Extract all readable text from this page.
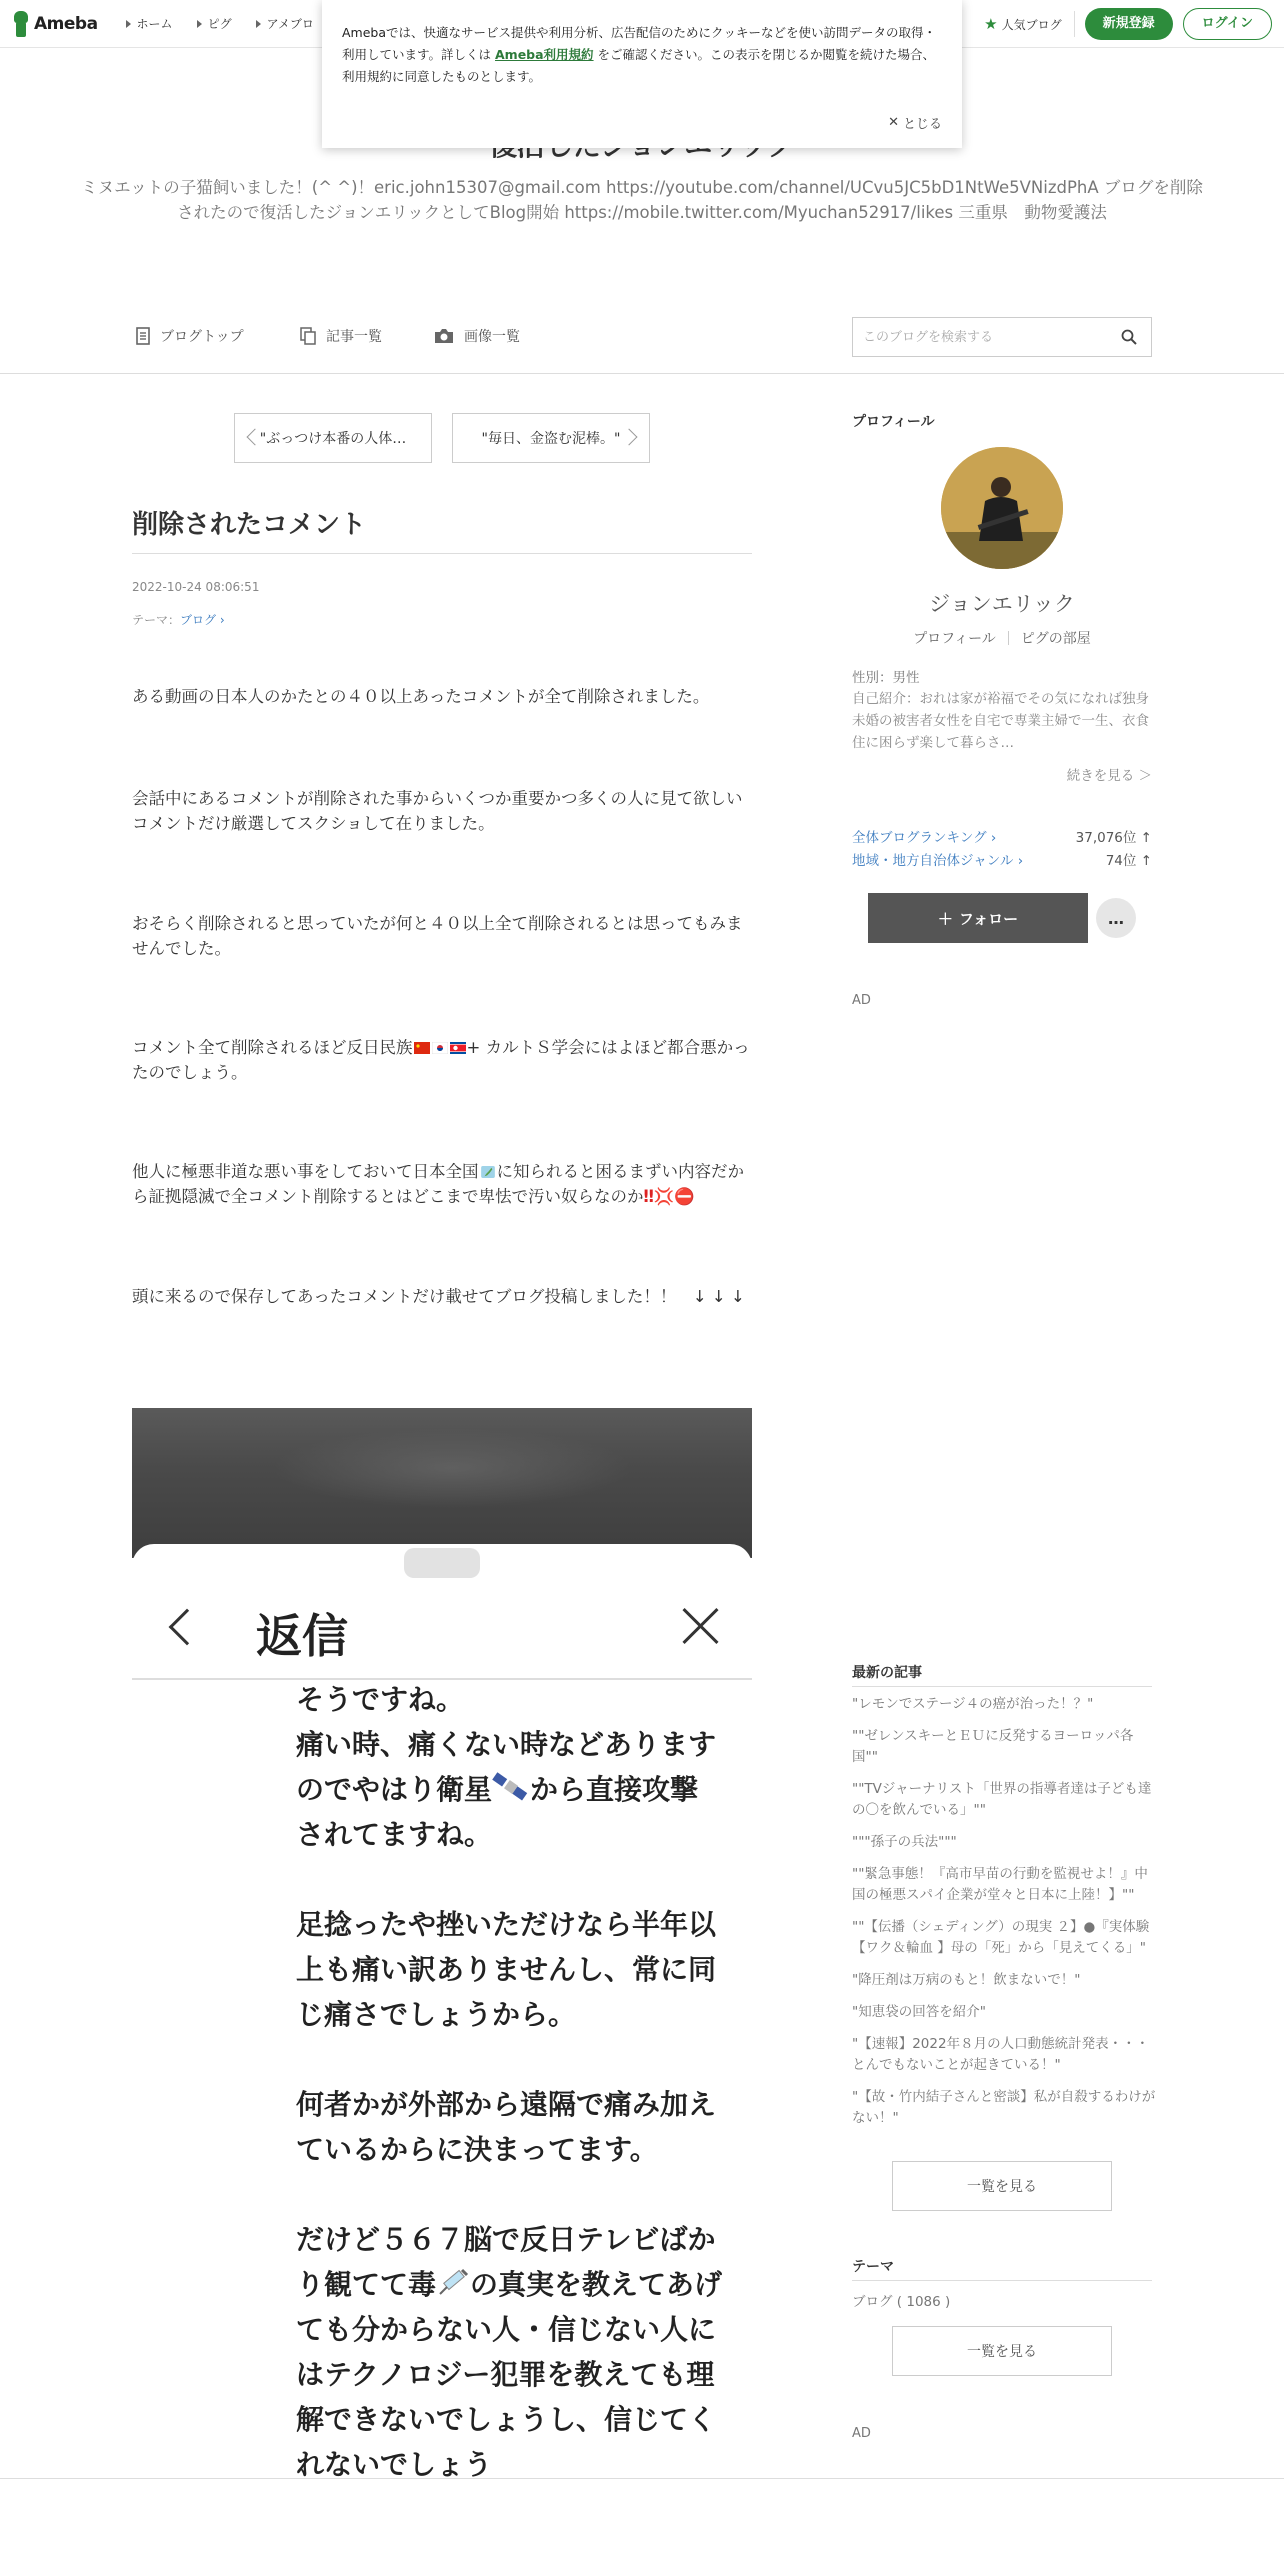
Ameba	ホーム	ピグ	アメブロ	★ 人気ブログ	新規登録	ログイン

Amebaでは、快適なサービス提供や利用分析、広告配信のためにクッキーなどを使い訪問データの取得・利用しています。詳しくは Ameba利用規約 をご確認ください。この表示を閉じるか閲覧を続けた場合、利用規約に同意したものとします。

✕ とじる
ミヌエットの子猫飼いました！(^ ^)！eric.john15307@gmail.com https://youtube.com/channel/UCvu5JC5bD1NtWe5VNizdPhA ブログを削除されたので復活したジョンエリックとしてBlog開始 https://mobile.twitter.com/Myuchan52917/likes 三重県　動物愛護法
ブログトップ	記事一覧	画像一覧
このブログを検索する
"ぶっつけ本番の人体…	"毎日、金盗む泥棒。"
削除されたコメント
2022-10-24 08:06:51
テーマ：ブログ ›

ある動画の日本人のかたとの４０以上あったコメントが全て削除されました。

会話中にあるコメントが削除された事からいくつか重要かつ多くの人に見て欲しいコメントだけ厳選してスクショして在りました。

おそらく削除されると思っていたが何と４０以上全て削除されるとは思ってもみませんでした。

コメント全て削除されるほど反日民族	+ カルトＳ学会にはよほど都合悪かったのでしょう。

他人に極悪非道な悪い事をしておいて日本全国 に知られると困るまずい内容だから証拠隠滅で全コメント削除するとはどこまで卑怯で汚い奴らなのか‼💢⛔

頭に来るので保存してあったコメントだけ載せてブログ投稿しました！！　↓ ↓ ↓

返信
そうですね。
痛い時、痛くない時などありますのでやはり衛星 から直接攻撃されてますね。

足捻ったや挫いただけなら半年以上も痛い訳ありませんし、常に同じ痛さでしょうから。

何者かが外部から遠隔で痛み加えているからに決まってます。

だけど５６７脳で反日テレビばかり観てて毒 の真実を教えてあげても分からない人・信じない人にはテクノロジー犯罪を教えても理解できないでしょうし、信じてくれないでしょう
プロフィール
ジョンエリック
プロフィール	ピグの部屋
性別：男性
自己紹介：おれは家が裕福でその気になれば独身未婚の被害者女性を自宅で専業主婦で一生、衣食住に困らず楽して暮らさ…
続きを見る ＞
全体ブログランキング ›	37,076位 ↑
地域・地方自治体ジャンル ›	74位 ↑
＋ フォロー	…
AD
最新の記事
"レモンでステージ４の癌が治った！？"
""ゼレンスキーとＥＵに反発するヨーロッパ各国""
""TVジャーナリスト「世界の指導者達は子ども達の〇を飲んでいる」""
"""孫子の兵法"""
""緊急事態！『高市早苗の行動を監視せよ！』中国の極悪スパイ企業が堂々と日本に上陸！】""
""【伝播（シェディング）の現実 ２】●『実体験【ワク＆輪血 】母の「死」から「見えてくる」"
"降圧剤は万病のもと！飲まないで！"
"知恵袋の回答を紹介"
"【速報】2022年８月の人口動態統計発表・・・とんでもないことが起きている！"
"【故・竹内結子さんと密談】私が自殺するわけがない！"
一覧を見る
テーマ
ブログ ( 1086 )
一覧を見る
AD
